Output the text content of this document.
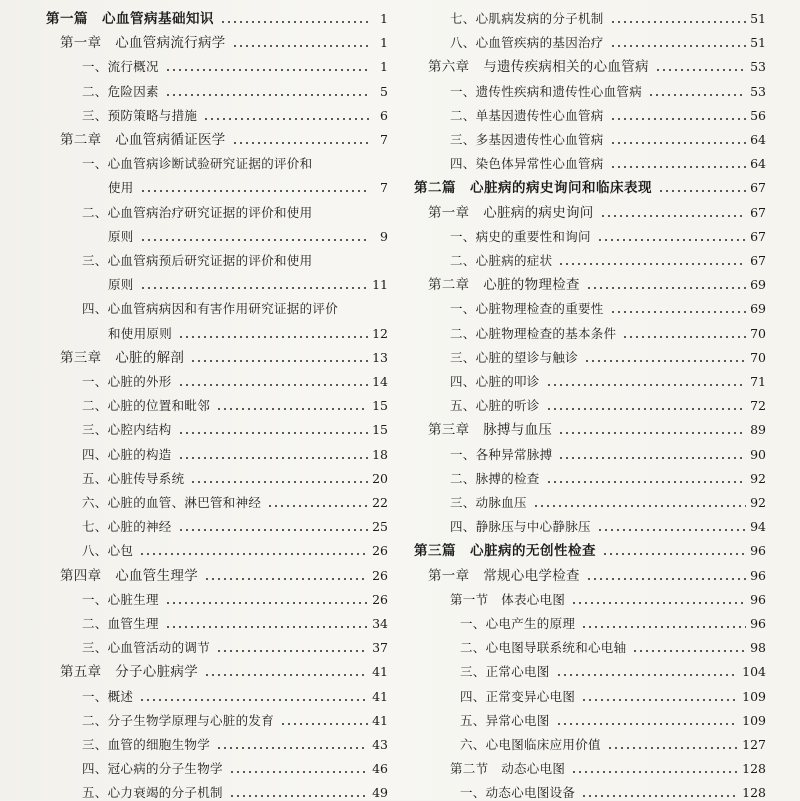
第一篇　心血管病基础知识	1
第一章　心血管病流行病学	1
一、流行概况	1
二、危险因素	5
三、预防策略与措施	6
第二章　心血管病循证医学	7
一、心血管病诊断试验研究证据的评价和
使用	7
二、心血管病治疗研究证据的评价和使用
原则	9
三、心血管病预后研究证据的评价和使用
原则	11
四、心血管病病因和有害作用研究证据的评价
和使用原则	12
第三章　心脏的解剖	13
一、心脏的外形	14
二、心脏的位置和毗邻	15
三、心腔内结构	15
四、心脏的构造	18
五、心脏传导系统	20
六、心脏的血管、淋巴管和神经	22
七、心脏的神经	25
八、心包	26
第四章　心血管生理学	26
一、心脏生理	26
二、血管生理	34
三、心血管活动的调节	37
第五章　分子心脏病学	41
一、概述	41
二、分子生物学原理与心脏的发育	41
三、血管的细胞生物学	43
四、冠心病的分子生物学	46
五、心力衰竭的分子机制	49
七、心肌病发病的分子机制	51
八、心血管疾病的基因治疗	51
第六章　与遗传疾病相关的心血管病	53
一、遗传性疾病和遗传性心血管病	53
二、单基因遗传性心血管病	56
三、多基因遗传性心血管病	64
四、染色体异常性心血管病	64
第二篇　心脏病的病史询问和临床表现	67
第一章　心脏病的病史询问	67
一、病史的重要性和询问	67
二、心脏病的症状	67
第二章　心脏的物理检查	69
一、心脏物理检查的重要性	69
二、心脏物理检查的基本条件	70
三、心脏的望诊与触诊	70
四、心脏的叩诊	71
五、心脏的听诊	72
第三章　脉搏与血压	89
一、各种异常脉搏	90
二、脉搏的检查	92
三、动脉血压	92
四、静脉压与中心静脉压	94
第三篇　心脏病的无创性检查	96
第一章　常规心电学检查	96
第一节　体表心电图	96
一、心电产生的原理	96
二、心电图导联系统和心电轴	98
三、正常心电图	104
四、正常变异心电图	109
五、异常心电图	109
六、心电图临床应用价值	127
第二节　动态心电图	128
一、动态心电图设备	128
